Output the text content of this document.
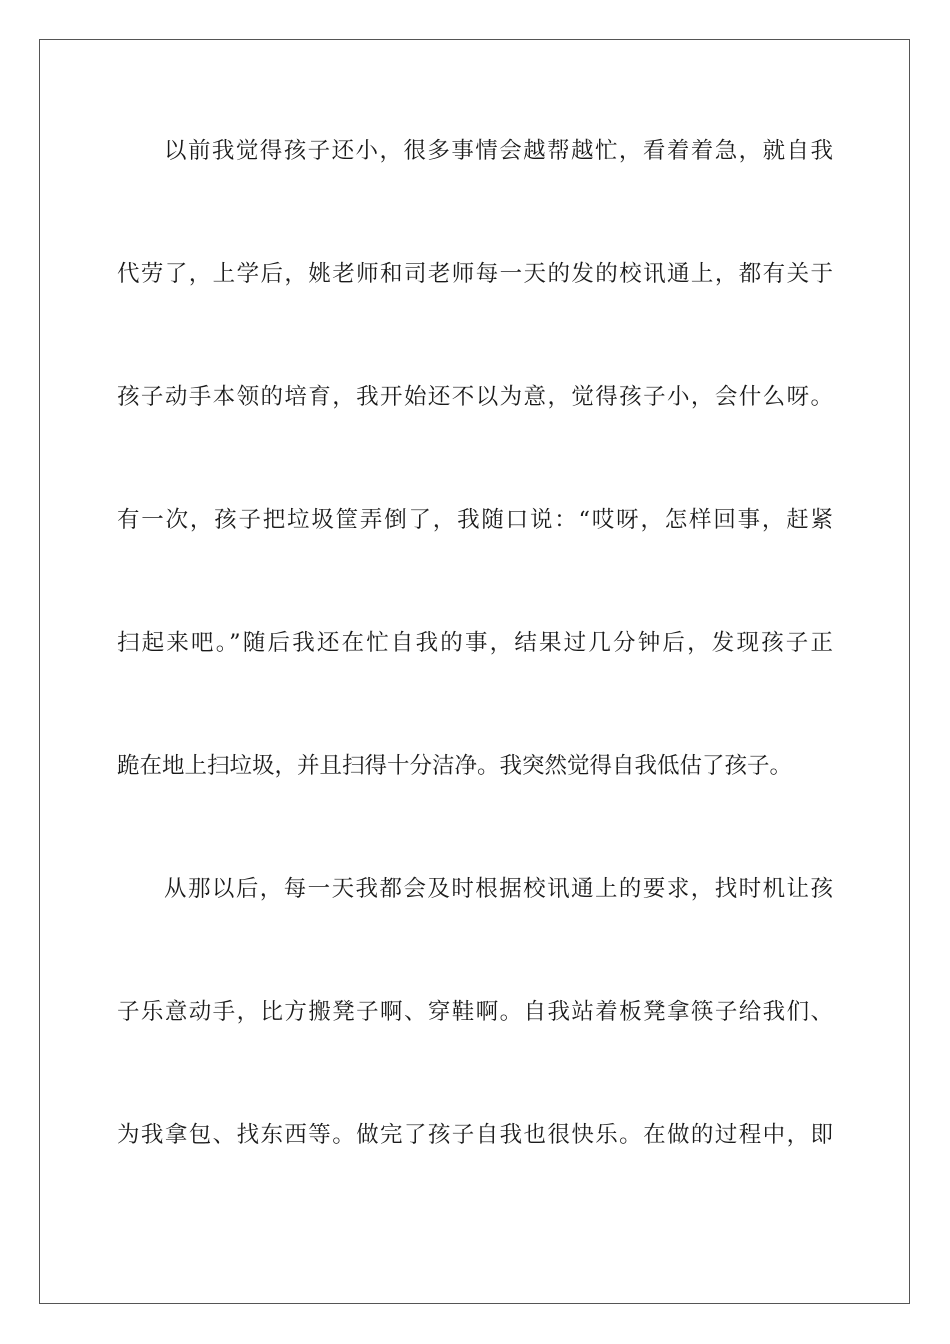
以前我觉得孩子还小，很多事情会越帮越忙，看着着急，就自我
代劳了，上学后，姚老师和司老师每一天的发的校讯通上，都有关于
孩子动手本领的培育，我开始还不以为意，觉得孩子小，会什么呀。
有一次，孩子把垃圾筐弄倒了，我随口说：“哎呀，怎样回事，赶紧
扫起来吧。”随后我还在忙自我的事，结果过几分钟后，发现孩子正
跪在地上扫垃圾，并且扫得十分洁净。我突然觉得自我低估了孩子。
从那以后，每一天我都会及时根据校讯通上的要求，找时机让孩
子乐意动手，比方搬凳子啊、穿鞋啊。自我站着板凳拿筷子给我们、
为我拿包、找东西等。做完了孩子自我也很快乐。在做的过程中，即
